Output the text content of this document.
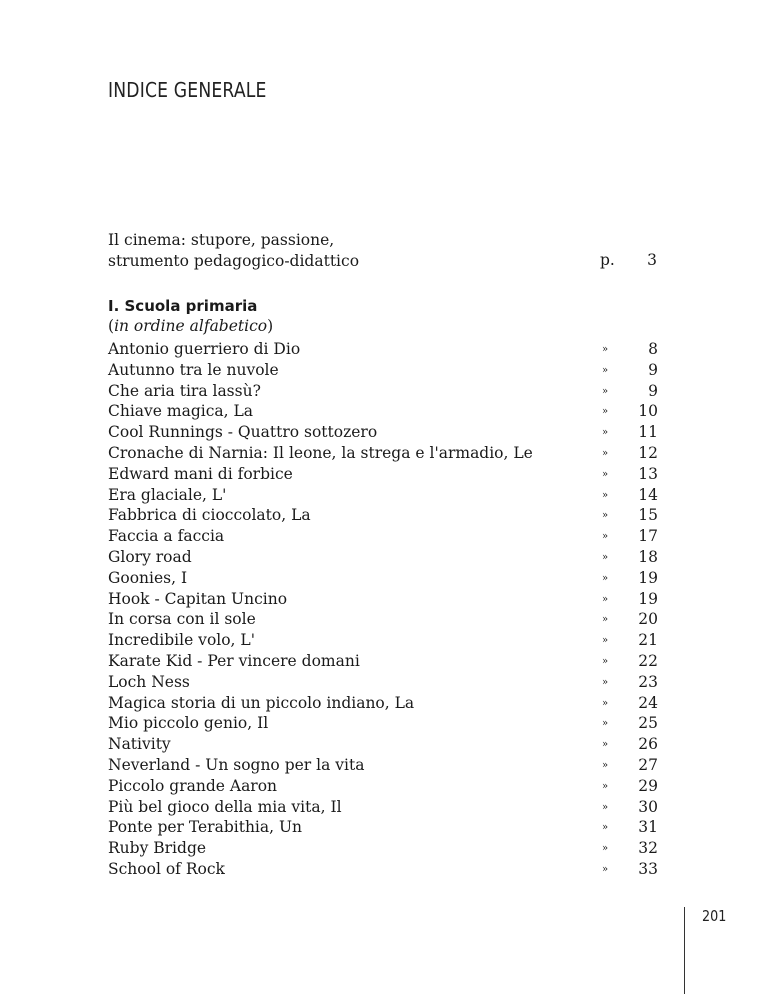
INDICE GENERALE
Il cinema: stupore, passione,
strumento pedagogico-didattico	p. 3
I. Scuola primaria
(in ordine alfabetico)
Antonio guerriero di Dio	»	8
Autunno tra le nuvole	»	9
Che aria tira lassù?	»	9
Chiave magica, La	»	10
Cool Runnings - Quattro sottozero	»	11
Cronache di Narnia: Il leone, la strega e l'armadio, Le	»	12
Edward mani di forbice	»	13
Era glaciale, L'	»	14
Fabbrica di cioccolato, La	»	15
Faccia a faccia	»	17
Glory road	»	18
Goonies, I	»	19
Hook - Capitan Uncino	»	19
In corsa con il sole	»	20
Incredibile volo, L'	»	21
Karate Kid - Per vincere domani	»	22
Loch Ness	»	23
Magica storia di un piccolo indiano, La	»	24
Mio piccolo genio, Il	»	25
Nativity	»	26
Neverland - Un sogno per la vita	»	27
Piccolo grande Aaron	»	29
Più bel gioco della mia vita, Il	»	30
Ponte per Terabithia, Un	»	31
Ruby Bridge	»	32
School of Rock	»	33
201
